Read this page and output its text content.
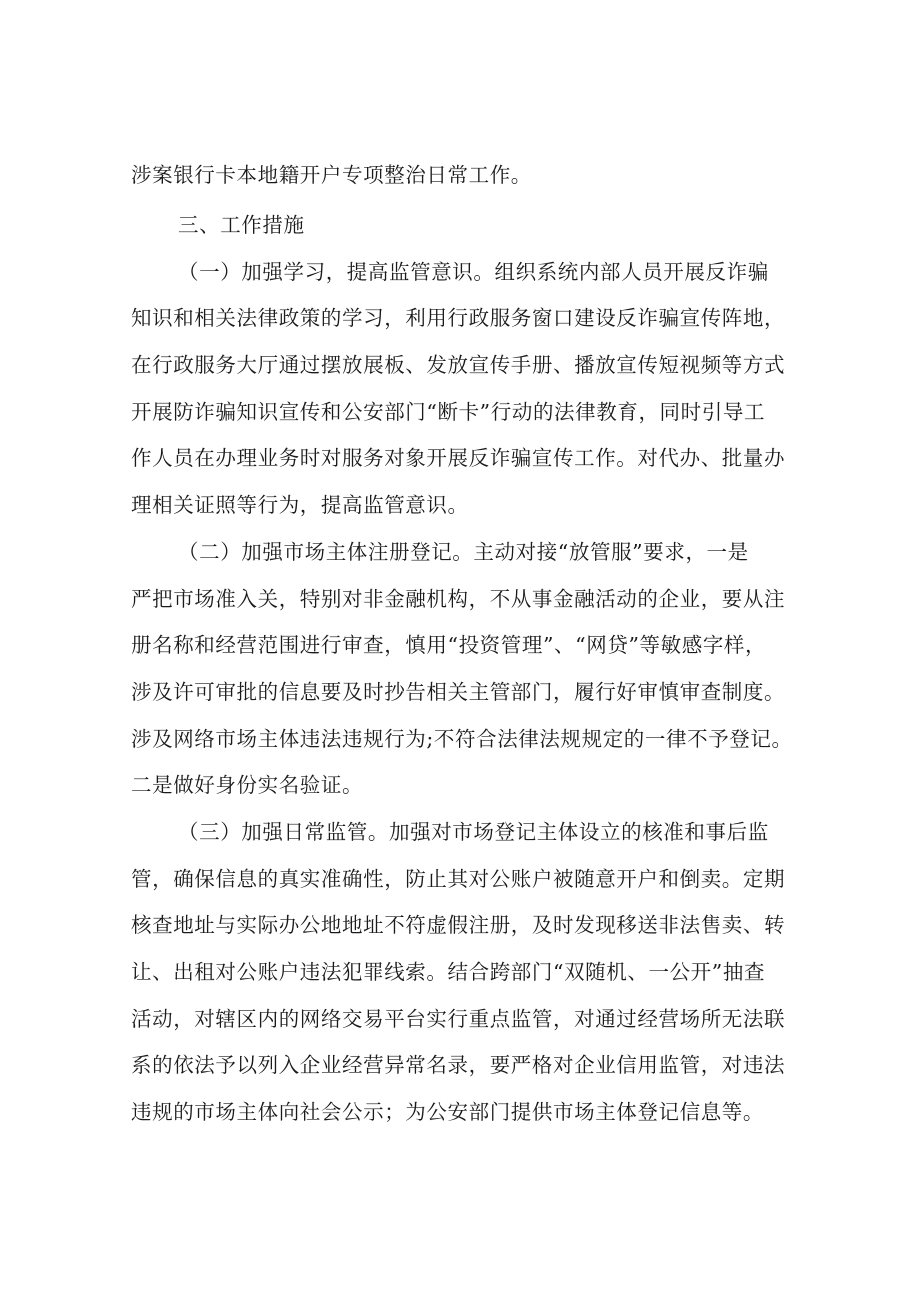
涉案银行卡本地籍开户专项整治日常工作。
三、工作措施
（一）加强学习，提高监管意识。组织系统内部人员开展反诈骗
知识和相关法律政策的学习，利用行政服务窗口建设反诈骗宣传阵地，
在行政服务大厅通过摆放展板、发放宣传手册、播放宣传短视频等方式
开展防诈骗知识宣传和公安部门“断卡”行动的法律教育，同时引导工
作人员在办理业务时对服务对象开展反诈骗宣传工作。对代办、批量办
理相关证照等行为，提高监管意识。
（二）加强市场主体注册登记。主动对接“放管服”要求，一是
严把市场准入关，特别对非金融机构，不从事金融活动的企业，要从注
册名称和经营范围进行审查，慎用“投资管理”、“网贷”等敏感字样，
涉及许可审批的信息要及时抄告相关主管部门，履行好审慎审查制度。
涉及网络市场主体违法违规行为;不符合法律法规规定的一律不予登记。
二是做好身份实名验证。
（三）加强日常监管。加强对市场登记主体设立的核准和事后监
管，确保信息的真实准确性，防止其对公账户被随意开户和倒卖。定期
核查地址与实际办公地地址不符虚假注册，及时发现移送非法售卖、转
让、出租对公账户违法犯罪线索。结合跨部门“双随机、一公开”抽查
活动，对辖区内的网络交易平台实行重点监管，对通过经营场所无法联
系的依法予以列入企业经营异常名录，要严格对企业信用监管，对违法
违规的市场主体向社会公示；为公安部门提供市场主体登记信息等。
